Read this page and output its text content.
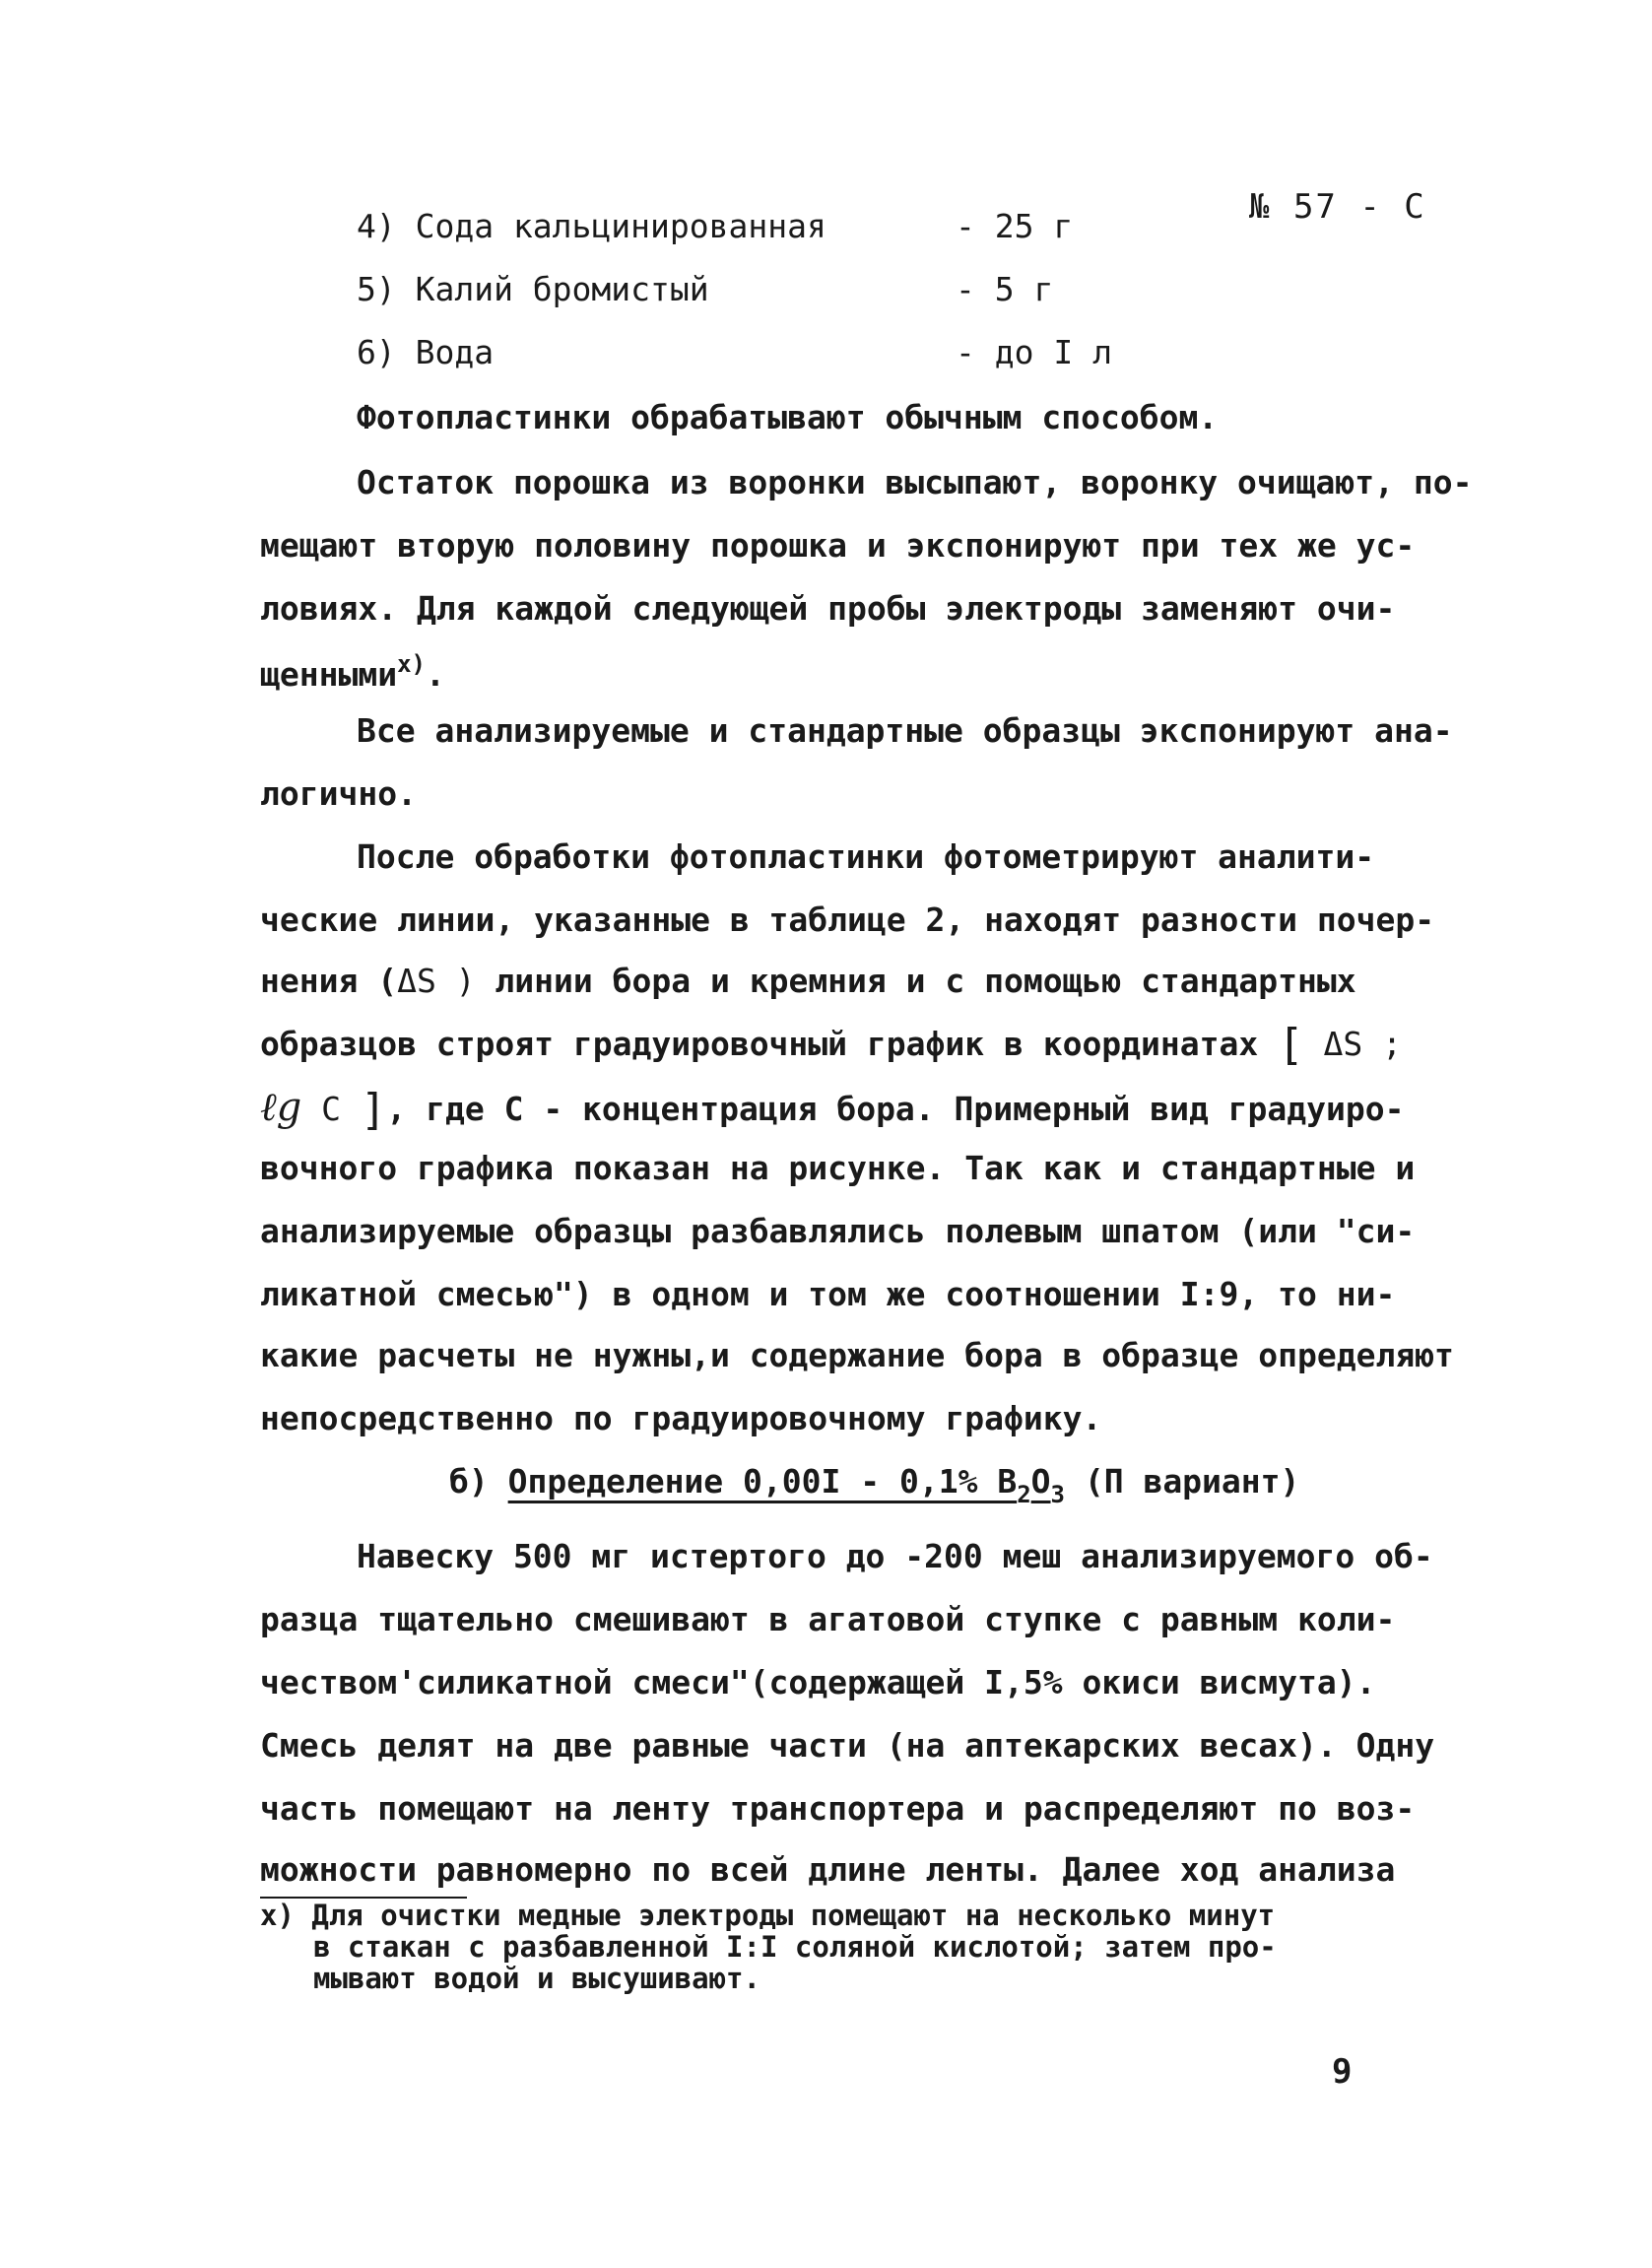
№ 57 - С
4) Сода кальцинированная	- 25 г
5) Калий бромистый	- 5 г
6) Вода	- до I л
Фотопластинки обрабатывают обычным способом.
Остаток порошка из воронки высыпают, воронку очищают, по-
мещают вторую половину порошка и экспонируют при тех же ус-
ловиях. Для каждой следующей пробы электроды заменяют очи-
щенными$^{х)}$.
Все анализируемые и стандартные образцы экспонируют ана-
логично.
После обработки фотопластинки фотометрируют аналити-
ческие линии, указанные в таблице 2, находят разности почер-
нения (ΔS ) линии бора и кремния и с помощью стандартных
образцов строят градуировочный график в координатах [ ΔS ;
ℓg C ], где С - концентрация бора. Примерный вид градуиро-
вочного графика показан на рисунке. Так как и стандартные и
анализируемые образцы разбавлялись полевым шпатом (или "си-
ликатной смесью") в одном и том же соотношении I:9, то ни-
какие расчеты не нужны,и содержание бора в образце определяют
непосредственно по градуировочному графику.
б) Определение 0,00I - 0,1% $B_2O_3$ (П вариант)
Навеску 500 мг истертого до -200 меш анализируемого об-
разца тщательно смешивают в агатовой ступке с равным коли-
чеством'силикатной смеси"(содержащей I,5% окиси висмута).
Смесь делят на две равные части (на аптекарских весах). Одну
часть помещают на ленту транспортера и распределяют по воз-
можности равномерно по всей длине ленты. Далее ход анализа
х) Для очистки медные электроды помещают на несколько минут
в стакан с разбавленной I:I соляной кислотой; затем про-
мывают водой и высушивают.
9
